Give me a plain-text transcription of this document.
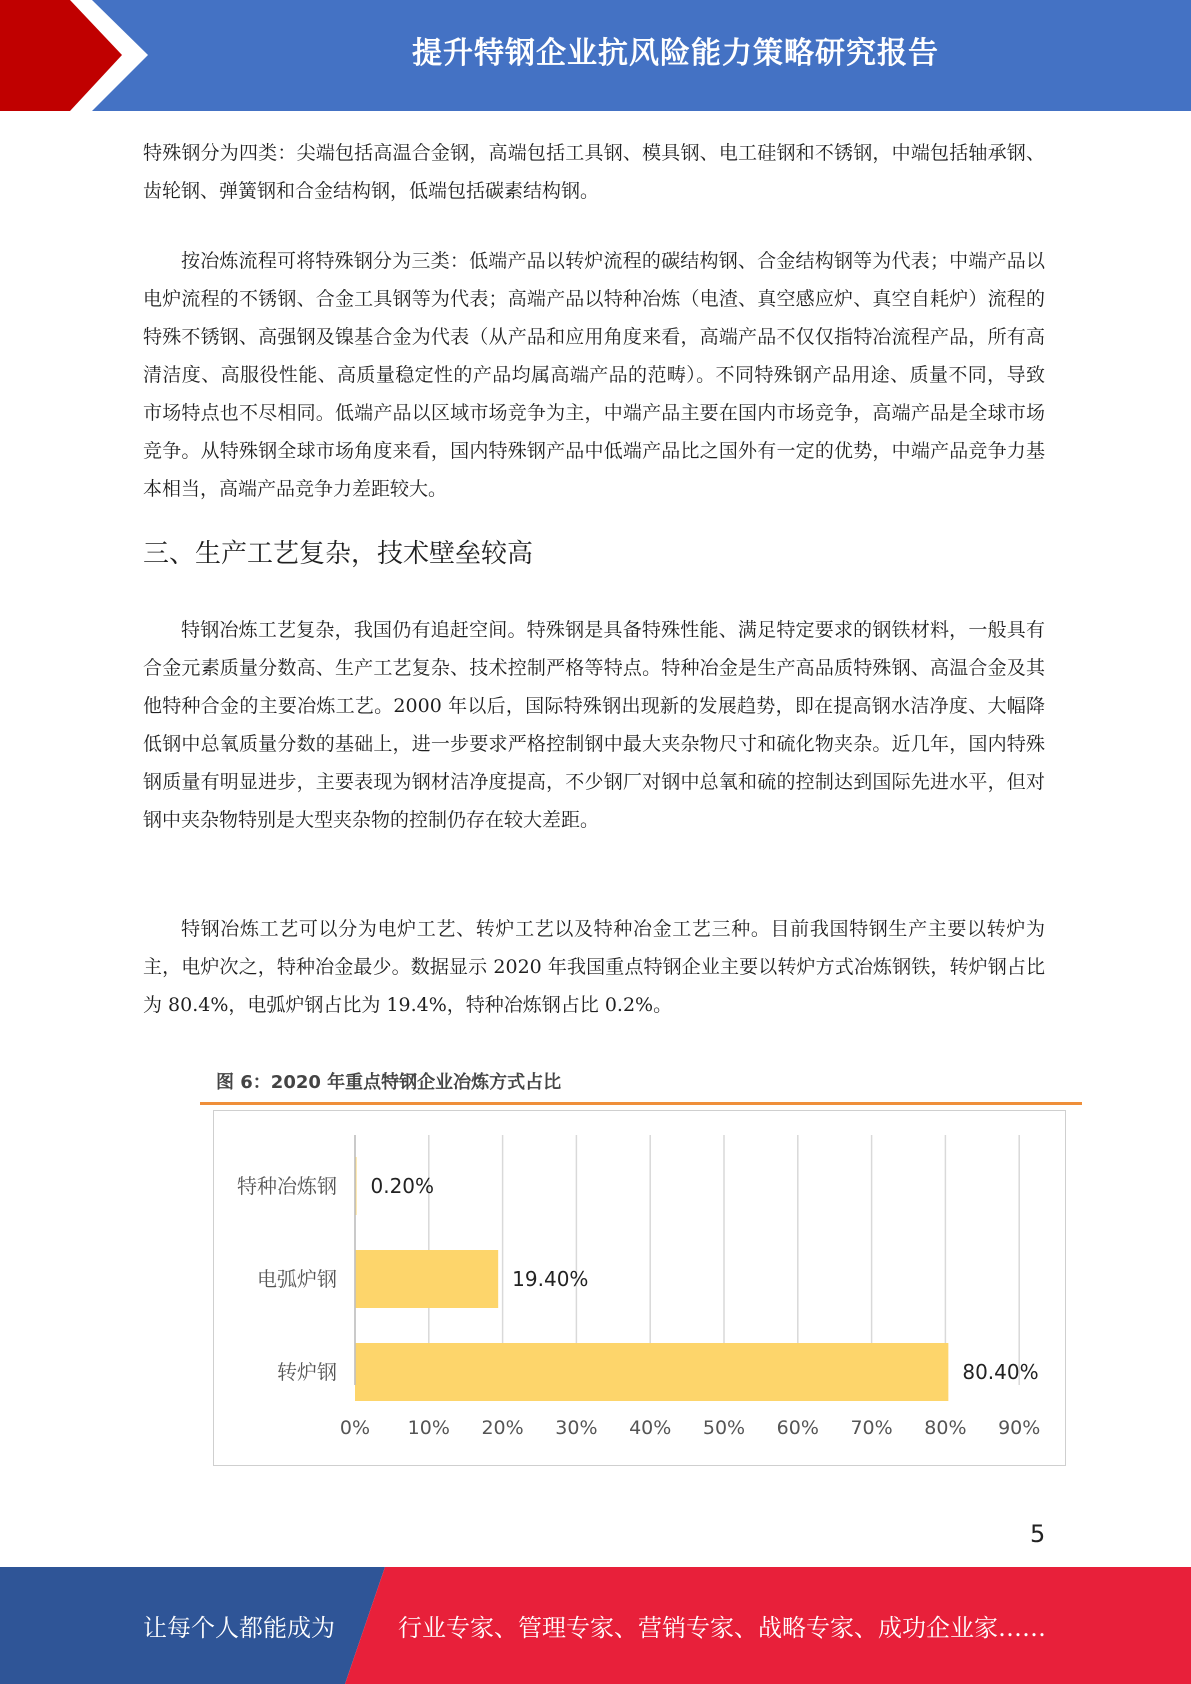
提升特钢企业抗风险能力策略研究报告

特殊钢分为四类：尖端包括高温合金钢，高端包括工具钢、模具钢、电工硅钢和不锈钢，中端包括轴承钢、齿轮钢、弹簧钢和合金结构钢，低端包括碳素结构钢。

按冶炼流程可将特殊钢分为三类：低端产品以转炉流程的碳结构钢、合金结构钢等为代表；中端产品以电炉流程的不锈钢、合金工具钢等为代表；高端产品以特种冶炼（电渣、真空感应炉、真空自耗炉）流程的特殊不锈钢、高强钢及镍基合金为代表（从产品和应用角度来看，高端产品不仅仅指特冶流程产品，所有高清洁度、高服役性能、高质量稳定性的产品均属高端产品的范畴）。不同特殊钢产品用途、质量不同，导致市场特点也不尽相同。低端产品以区域市场竞争为主，中端产品主要在国内市场竞争，高端产品是全球市场竞争。从特殊钢全球市场角度来看，国内特殊钢产品中低端产品比之国外有一定的优势，中端产品竞争力基本相当，高端产品竞争力差距较大。

三、生产工艺复杂，技术壁垒较高

特钢冶炼工艺复杂，我国仍有追赶空间。特殊钢是具备特殊性能、满足特定要求的钢铁材料，一般具有合金元素质量分数高、生产工艺复杂、技术控制严格等特点。特种冶金是生产高品质特殊钢、高温合金及其他特种合金的主要冶炼工艺。2000 年以后，国际特殊钢出现新的发展趋势，即在提高钢水洁净度、大幅降低钢中总氧质量分数的基础上，进一步要求严格控制钢中最大夹杂物尺寸和硫化物夹杂。近几年，国内特殊钢质量有明显进步，主要表现为钢材洁净度提高，不少钢厂对钢中总氧和硫的控制达到国际先进水平，但对钢中夹杂物特别是大型夹杂物的控制仍存在较大差距。

特钢冶炼工艺可以分为电炉工艺、转炉工艺以及特种冶金工艺三种。目前我国特钢生产主要以转炉为主，电炉次之，特种冶金最少。数据显示 2020 年我国重点特钢企业主要以转炉方式冶炼钢铁，转炉钢占比为 80.4%，电弧炉钢占比为 19.4%，特种冶炼钢占比 0.2%。

图 6：2020 年重点特钢企业冶炼方式占比
0% 10% 20% 30% 40% 50% 60% 70% 80% 90%
特种冶炼钢 0.20%
电弧炉钢	19.40%
转炉钢	80.40%
5
让每个人都能成为	行业专家、管理专家、营销专家、战略专家、成功企业家……
